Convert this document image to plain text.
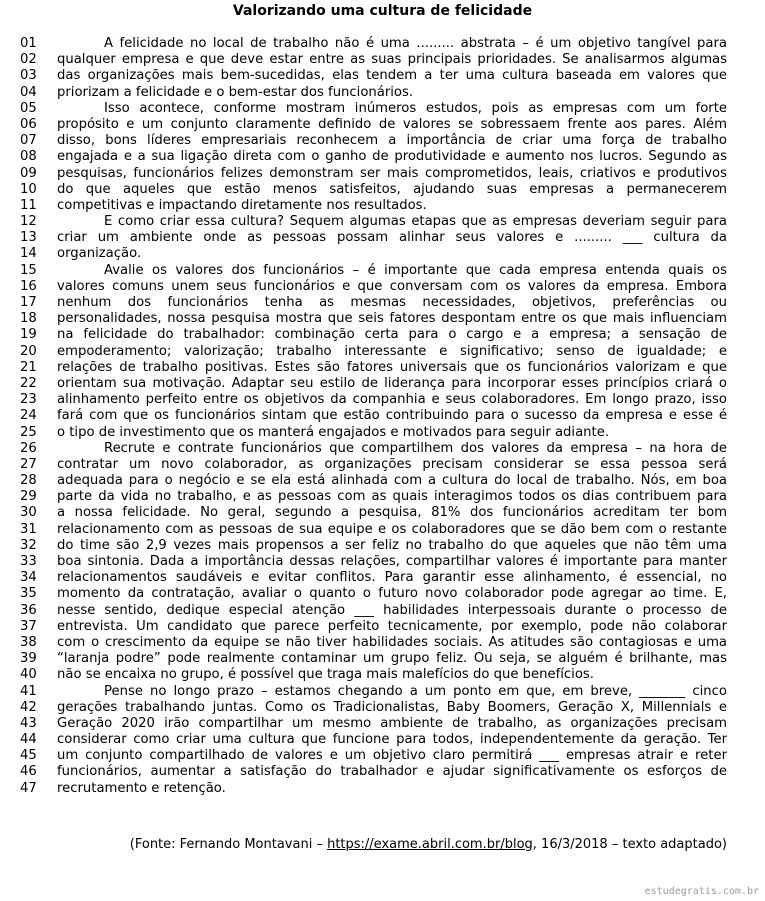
Valorizando uma cultura de felicidade
01	A felicidade no local de trabalho não é uma ......... abstrata – é um objetivo tangível para
02	qualquer empresa e que deve estar entre as suas principais prioridades. Se analisarmos algumas
03	das organizações mais bem-sucedidas, elas tendem a ter uma cultura baseada em valores que
04	priorizam a felicidade e o bem-estar dos funcionários.
05	Isso acontece, conforme mostram inúmeros estudos, pois as empresas com um forte
06	propósito e um conjunto claramente definido de valores se sobressaem frente aos pares. Além
07	disso, bons líderes empresariais reconhecem a importância de criar uma força de trabalho
08	engajada e a sua ligação direta com o ganho de produtividade e aumento nos lucros. Segundo as
09	pesquisas, funcionários felizes demonstram ser mais comprometidos, leais, criativos e produtivos
10	do que aqueles que estão menos satisfeitos, ajudando suas empresas a permanecerem
11	competitivas e impactando diretamente nos resultados.
12	E como criar essa cultura? Sequem algumas etapas que as empresas deveriam seguir para
13	criar um ambiente onde as pessoas possam alinhar seus valores e ......... ___ cultura da
14	organização.
15	Avalie os valores dos funcionários – é importante que cada empresa entenda quais os
16	valores comuns unem seus funcionários e que conversam com os valores da empresa. Embora
17	nenhum dos funcionários tenha as mesmas necessidades, objetivos, preferências ou
18	personalidades, nossa pesquisa mostra que seis fatores despontam entre os que mais influenciam
19	na felicidade do trabalhador: combinação certa para o cargo e a empresa; a sensação de
20	empoderamento; valorização; trabalho interessante e significativo; senso de igualdade; e
21	relações de trabalho positivas. Estes são fatores universais que os funcionários valorizam e que
22	orientam sua motivação. Adaptar seu estilo de liderança para incorporar esses princípios criará o
23	alinhamento perfeito entre os objetivos da companhia e seus colaboradores. Em longo prazo, isso
24	fará com que os funcionários sintam que estão contribuindo para o sucesso da empresa e esse é
25	o tipo de investimento que os manterá engajados e motivados para seguir adiante.
26	Recrute e contrate funcionários que compartilhem dos valores da empresa – na hora de
27	contratar um novo colaborador, as organizações precisam considerar se essa pessoa será
28	adequada para o negócio e se ela está alinhada com a cultura do local de trabalho. Nós, em boa
29	parte da vida no trabalho, e as pessoas com as quais interagimos todos os dias contribuem para
30	a nossa felicidade. No geral, segundo a pesquisa, 81% dos funcionários acreditam ter bom
31	relacionamento com as pessoas de sua equipe e os colaboradores que se dão bem com o restante
32	do time são 2,9 vezes mais propensos a ser feliz no trabalho do que aqueles que não têm uma
33	boa sintonia. Dada a importância dessas relações, compartilhar valores é importante para manter
34	relacionamentos saudáveis e evitar conflitos. Para garantir esse alinhamento, é essencial, no
35	momento da contratação, avaliar o quanto o futuro novo colaborador pode agregar ao time. E,
36	nesse sentido, dedique especial atenção ___ habilidades interpessoais durante o processo de
37	entrevista. Um candidato que parece perfeito tecnicamente, por exemplo, pode não colaborar
38	com o crescimento da equipe se não tiver habilidades sociais. As atitudes são contagiosas e uma
39	“laranja podre” pode realmente contaminar um grupo feliz. Ou seja, se alguém é brilhante, mas
40	não se encaixa no grupo, é possível que traga mais malefícios do que benefícios.
41	Pense no longo prazo – estamos chegando a um ponto em que, em breve, _______ cinco
42	gerações trabalhando juntas. Como os Tradicionalistas, Baby Boomers, Geração X, Millennials e
43	Geração 2020 irão compartilhar um mesmo ambiente de trabalho, as organizações precisam
44	considerar como criar uma cultura que funcione para todos, independentemente da geração. Ter
45	um conjunto compartilhado de valores e um objetivo claro permitirá ___ empresas atrair e reter
46	funcionários, aumentar a satisfação do trabalhador e ajudar significativamente os esforços de
47	recrutamento e retenção.
(Fonte: Fernando Montavani – https://exame.abril.com.br/blog, 16/3/2018 – texto adaptado)
estudegratis.com.br
